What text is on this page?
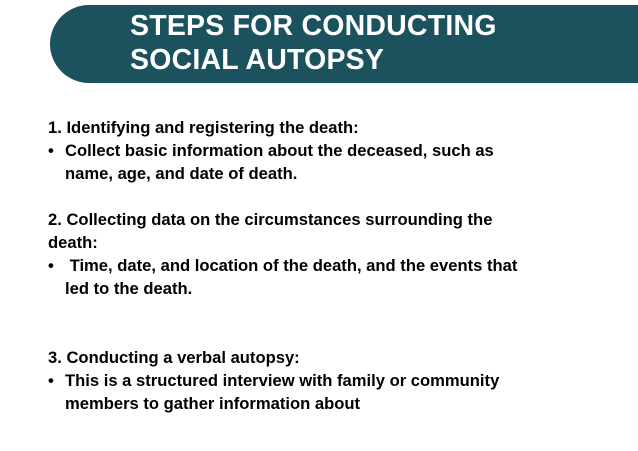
STEPS FOR CONDUCTING
SOCIAL AUTOPSY

1. Identifying and registering the death:

• Collect basic information about the deceased, such as
name, age, and date of death.

2. Collecting data on the circumstances surrounding the
death:

• Time, date, and location of the death, and the events that
led to the death.

3. Conducting a verbal autopsy:

• This is a structured interview with family or community
members to gather information about
